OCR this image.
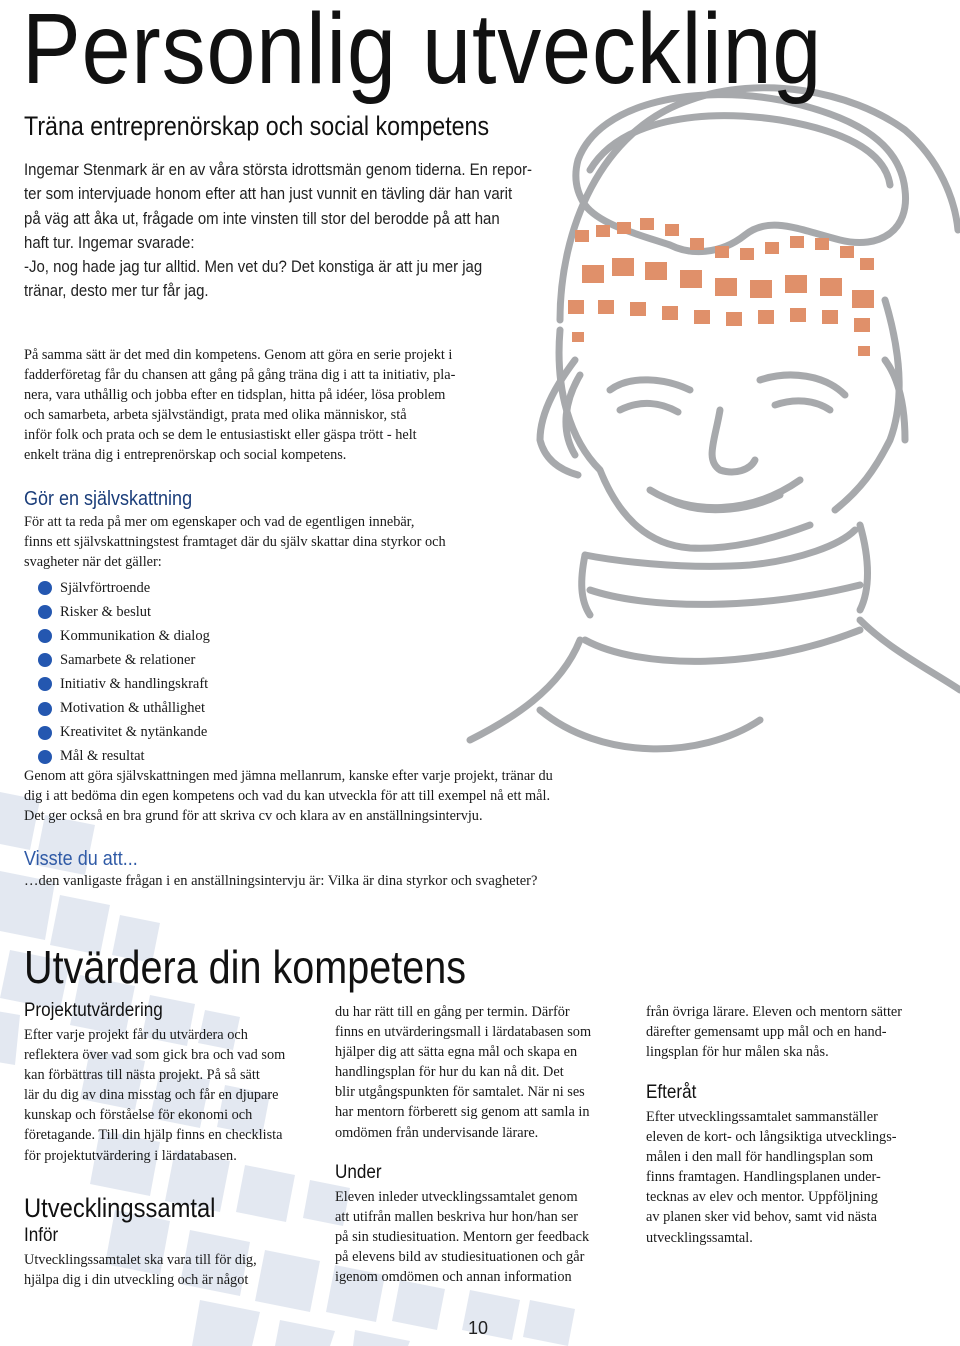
Personlig utveckling
Träna entreprenörskap och social kompetens

Ingemar Stenmark är en av våra största idrottsmän genom tiderna. En repor-

ter som intervjuade honom efter att han just vunnit en tävling där han varit

på väg att åka ut, frågade om inte vinsten till stor del berodde på att han

haft tur. Ingemar svarade:

-Jo, nog hade jag tur alltid. Men vet du? Det konstiga är att ju mer jag

tränar, desto mer tur får jag.

På samma sätt är det med din kompetens. Genom att göra en serie projekt i

fadderföretag får du chansen att gång på gång träna dig i att ta initiativ, pla-

nera, vara uthållig och jobba efter en tidsplan, hitta på idéer, lösa problem

och samarbeta, arbeta självständigt, prata med olika människor, stå

inför folk och prata och se dem le entusiastiskt eller gäspa trött - helt

enkelt träna dig i entreprenörskap och social kompetens.

Gör en självskattning

För att ta reda på mer om egenskaper och vad de egentligen innebär,

finns ett självskattningstest framtaget där du själv skattar dina styrkor och

svagheter när det gäller:

Självförtroende
Risker & beslut
Kommunikation & dialog
Samarbete & relationer
Initiativ & handlingskraft
Motivation & uthållighet
Kreativitet & nytänkande
Mål & resultat

Genom att göra självskattningen med jämna mellanrum, kanske efter varje projekt, tränar du

dig i att bedöma din egen kompetens och vad du kan utveckla för att till exempel nå ett mål.

Det ger också en bra grund för att skriva cv och klara av en anställningsintervju.

Visste du att...
…den vanligaste frågan i en anställningsintervju är: Vilka är dina styrkor och svagheter?
Utvärdera din kompetens
Projektutvärdering

Efter varje projekt får du utvärdera och

reflektera över vad som gick bra och vad som

kan förbättras till nästa projekt. På så sätt

lär du dig av dina misstag och får en djupare

kunskap och förståelse för ekonomi och

företagande. Till din hjälp finns en checklista

för projektutvärdering i lärdatabasen.

Utvecklingssamtal
Inför

Utvecklingssamtalet ska vara till för dig,

hjälpa dig i din utveckling och är något

du har rätt till en gång per termin. Därför

finns en utvärderingsmall i lärdatabasen som

hjälper dig att sätta egna mål och skapa en

handlingsplan för hur du kan nå dit. Det

blir utgångspunkten för samtalet. När ni ses

har mentorn förberett sig genom att samla in

omdömen från undervisande lärare.

Under

Eleven inleder utvecklingssamtalet genom

att utifrån mallen beskriva hur hon/han ser

på sin studiesituation. Mentorn ger feedback

på elevens bild av studiesituationen och går

igenom omdömen och annan information

från övriga lärare. Eleven och mentorn sätter

därefter gemensamt upp mål och en hand-

lingsplan för hur målen ska nås.

Efteråt

Efter utvecklingssamtalet sammanställer

eleven de kort- och långsiktiga utvecklings-

målen i den mall för handlingsplan som

finns framtagen. Handlingsplanen under-

tecknas av elev och mentor. Uppföljning

av planen sker vid behov, samt vid nästa

utvecklingssamtal.

10
